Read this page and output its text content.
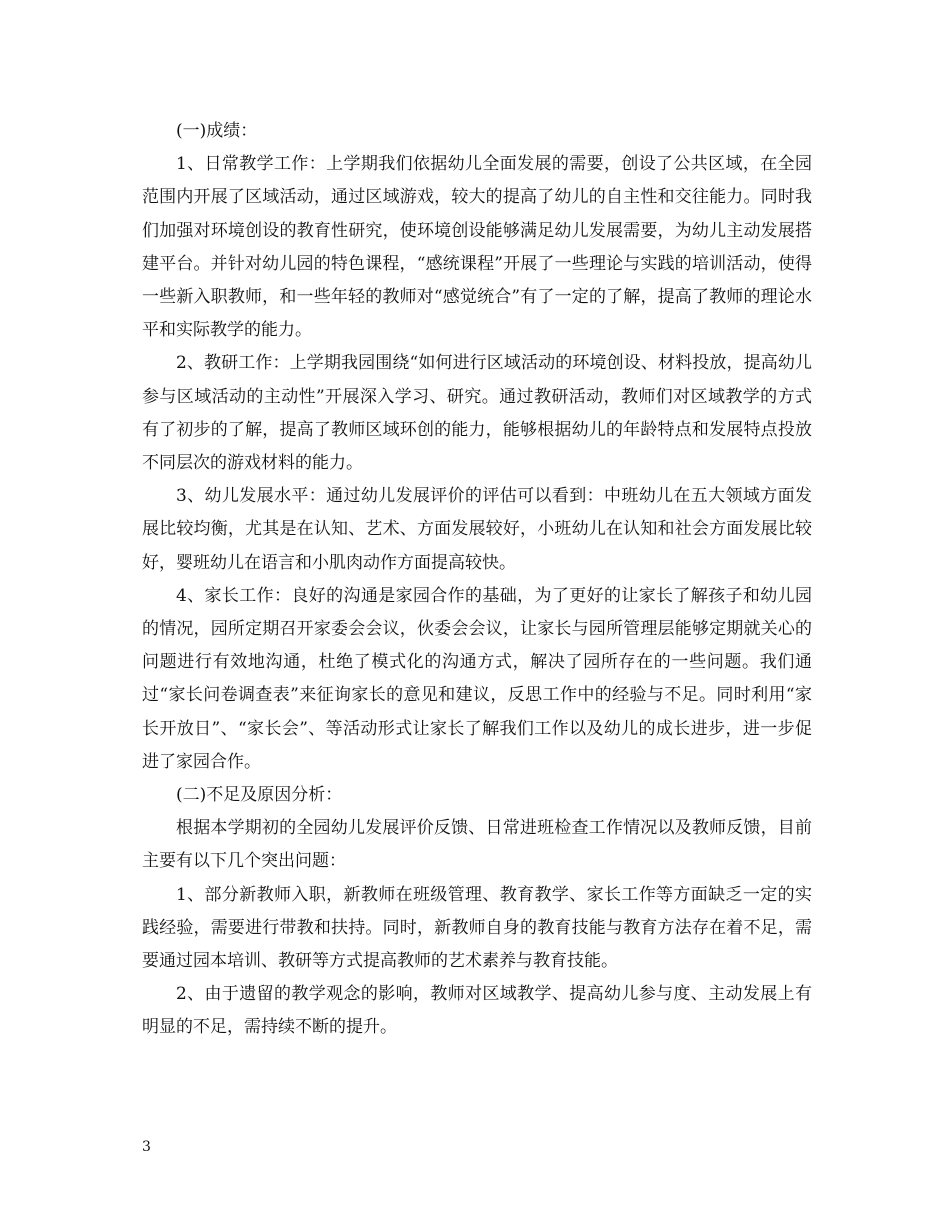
(一)成绩：

1、日常教学工作：上学期我们依据幼儿全面发展的需要，创设了公共区域，在全园范围内开展了区域活动，通过区域游戏，较大的提高了幼儿的自主性和交往能力。同时我们加强对环境创设的教育性研究，使环境创设能够满足幼儿发展需要，为幼儿主动发展搭建平台。并针对幼儿园的特色课程，“感统课程”开展了一些理论与实践的培训活动，使得一些新入职教师，和一些年轻的教师对“感觉统合”有了一定的了解，提高了教师的理论水平和实际教学的能力。

2、教研工作：上学期我园围绕“如何进行区域活动的环境创设、材料投放，提高幼儿参与区域活动的主动性”开展深入学习、研究。通过教研活动，教师们对区域教学的方式有了初步的了解，提高了教师区域环创的能力，能够根据幼儿的年龄特点和发展特点投放不同层次的游戏材料的能力。

3、幼儿发展水平：通过幼儿发展评价的评估可以看到：中班幼儿在五大领域方面发展比较均衡，尤其是在认知、艺术、方面发展较好，小班幼儿在认知和社会方面发展比较好，婴班幼儿在语言和小肌肉动作方面提高较快。

4、家长工作：良好的沟通是家园合作的基础，为了更好的让家长了解孩子和幼儿园的情况，园所定期召开家委会会议，伙委会会议，让家长与园所管理层能够定期就关心的问题进行有效地沟通，杜绝了模式化的沟通方式，解决了园所存在的一些问题。我们通过“家长问卷调查表”来征询家长的意见和建议，反思工作中的经验与不足。同时利用“家长开放日”、“家长会”、等活动形式让家长了解我们工作以及幼儿的成长进步，进一步促进了家园合作。

(二)不足及原因分析：

根据本学期初的全园幼儿发展评价反馈、日常进班检查工作情况以及教师反馈，目前主要有以下几个突出问题：

1、部分新教师入职，新教师在班级管理、教育教学、家长工作等方面缺乏一定的实践经验，需要进行带教和扶持。同时，新教师自身的教育技能与教育方法存在着不足，需要通过园本培训、教研等方式提高教师的艺术素养与教育技能。

2、由于遗留的教学观念的影响，教师对区域教学、提高幼儿参与度、主动发展上有明显的不足，需持续不断的提升。

3
